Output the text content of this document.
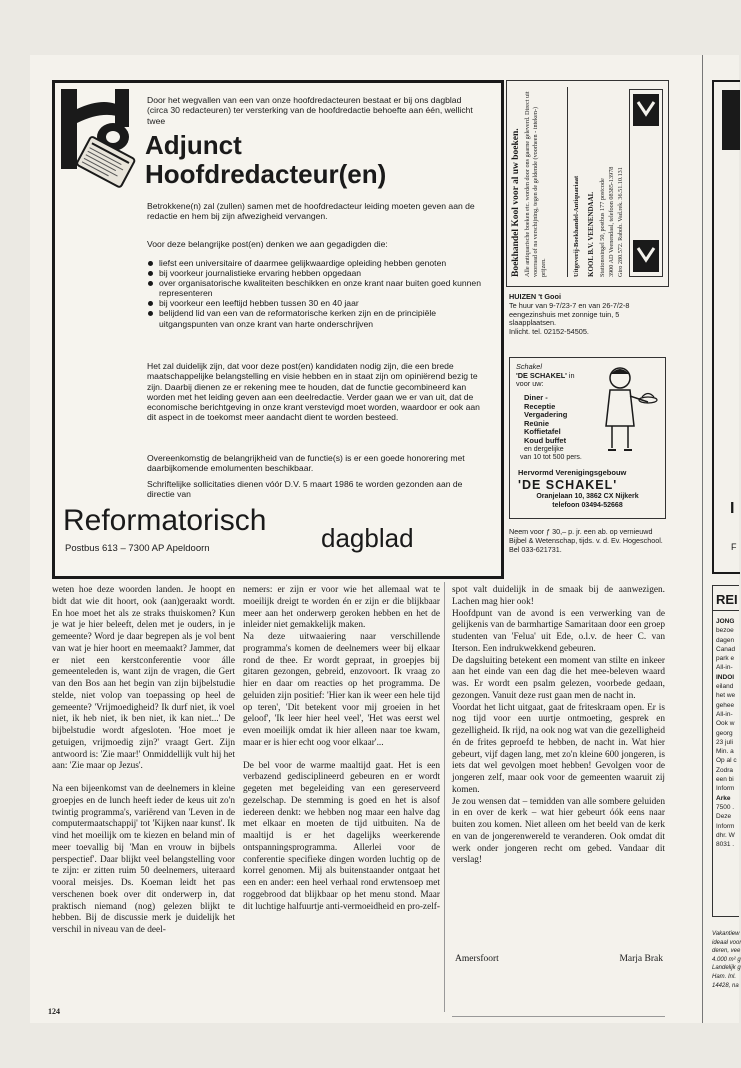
Door het wegvallen van een van onze hoofdredacteuren bestaat er bij ons dagblad (circa 30 redacteuren) ter versterking van de hoofdredactie behoefte aan één, wellicht twee
Adjunct
Hoofdredacteur(en)
Betrokkene(n) zal (zullen) samen met de hoofdredacteur leiding moeten geven aan de redactie en hem bij zijn afwezigheid vervangen.
Voor deze belangrijke post(en) denken we aan gegadigden die:
liefst een universitaire of daarmee gelijkwaardige opleiding hebben genoten
bij voorkeur journalistieke ervaring hebben opgedaan
over organisatorische kwaliteiten beschikken en onze krant naar buiten goed kunnen representeren
bij voorkeur een leeftijd hebben tussen 30 en 40 jaar
belijdend lid van een van de reformatorische kerken zijn en de principiële uitgangspunten van onze krant van harte onderschrijven
Het zal duidelijk zijn, dat voor deze post(en) kandidaten nodig zijn, die een brede maatschappelijke belangstelling en visie hebben en in staat zijn om opiniërend bezig te zijn. Daarbij dienen ze er rekening mee te houden, dat de functie gecombineerd kan worden met het leiding geven aan een deelredactie. Verder gaan we er van uit, dat de economische berichtgeving in onze krant verstevigd moet worden, waardoor er ook aan dit aspect in de toekomst meer aandacht dient te worden besteed.
Overeenkomstig de belangrijkheid van de functie(s) is er een goede honorering met daarbijkomende emolumenten beschikbaar.
Schriftelijke sollicitaties dienen vóór D.V. 5 maart 1986 te worden gezonden aan de directie van
Reformatorisch
dagblad
Postbus 613 – 7300 AP Apeldoorn
Boekhandel Kool voor al uw boeken. Alle antiquarische boeken etc. worden door ons gaarne geleverd. Direct uit voorraad of na verschijning, tegen de geldende (voorheen - inteken-) prijzen.	Uitgeverij-Boekhandel-Antiquariaat KOOL B.V. VEENENDAAL Stationssingel 50, postbus 177 postcode 3900 AD Veenendaal, telefoon 08385-13978 Giro 280.572. Rabob. Vad.rek. 36.51.10.131
HUIZEN 't Gooi
Te huur van 9-7/23-7 en van 26-7/2-8 eengezinshuis met zonnige tuin, 5 slaapplaatsen.
Inlicht. tel. 02152-54505.
Schakel
'DE SCHAKEL' in
voor uw:
Diner -
Receptie
Vergadering
Reünie
Koffietafel
Koud buffet
en dergelijke
van 10 tot 500 pers.
Hervormd Verenigingsgebouw
'DE SCHAKEL'
Oranjelaan 10, 3862 CX Nijkerk
telefoon 03494-52668
Neem voor ƒ 30,– p. jr. een ab. op vernieuwd Bijbel & Wetenschap, tijds. v. d. Ev. Hogeschool. Bel 033-621731.

weten hoe deze woorden landen. Je hoopt en bidt dat wie dit hoort, ook (aan)geraakt wordt. En hoe moet het als ze straks thuiskomen? Kun je wat je hier beleeft, delen met je ouders, in je gemeente? Word je daar begrepen als je vol bent van wat je hier hoort en meemaakt? Jammer, dat er niet een kerstconferentie voor álle gemeenteleden is, want zijn de vragen, die Gert van den Bos aan het begin van zijn bijbelstudie stelde, niet volop van toepassing op heel de gemeente? 'Vrijmoedigheid? Ik durf niet, ik voel niet, ik heb niet, ik ben niet, ik kan niet...' De bijbelstudie wordt afgesloten. 'Hoe moet je getuigen, vrijmoedig zijn?' vraagt Gert. Zijn antwoord is: 'Zie maar!' Onmiddellijk vult hij het aan: 'Zie maar op Jezus'.

Na een bijeenkomst van de deelnemers in kleine groepjes en de lunch heeft ieder de keus uit zo'n twintig programma's, variërend van 'Leven in de computermaatschappij' tot 'Kijken naar kunst'. Ik vind het moeilijk om te kiezen en beland min of meer toevallig bij 'Man en vrouw in bijbels perspectief'. Daar blijkt veel belangstelling voor te zijn: er zitten ruim 50 deelnemers, uiteraard vooral meisjes. Ds. Koeman leidt het pas verschenen boek over dit onderwerp in, dat praktisch niemand (nog) gelezen blijkt te hebben. Bij de discussie merk je duidelijk het verschil in niveau van de deel-

nemers: er zijn er voor wie het allemaal wat te moeilijk dreigt te worden én er zijn er die blijkbaar meer aan het onderwerp geroken hebben en het de inleider niet gemakkelijk maken.

Na deze uitwaaiering naar verschillende programma's komen de deelnemers weer bij elkaar rond de thee. Er wordt gepraat, in groepjes bij gitaren gezongen, gebreid, enzovoort. Ik vraag zo hier en daar om reacties op het programma. De geluiden zijn positief: 'Hier kan ik weer een hele tijd op teren', 'Dit betekent voor mij groeien in het geloof', 'Ik leer hier heel veel', 'Het was eerst wel even moeilijk omdat ik hier alleen naar toe kwam, maar er is hier echt oog voor elkaar'...

De bel voor de warme maaltijd gaat. Het is een verbazend gedisciplineerd gebeuren en er wordt gegeten met begeleiding van een gereserveerd gezelschap. De stemming is goed en het is alsof iedereen denkt: we hebben nog maar een halve dag met elkaar en moeten de tijd uitbuiten. Na de maaltijd is er het dagelijks weerkerende ontspanningsprogramma. Allerlei voor de conferentie specifieke dingen worden luchtig op de korrel genomen. Mij als buitenstaander ontgaat het een en ander: een heel verhaal rond erwtensoep met roggebrood dat blijkbaar op het menu stond. Maar dit luchtige halfuurtje anti-vermoeidheid en pro-zelf-

spot valt duidelijk in de smaak bij de aanwezigen. Lachen mag hier ook!

Hoofdpunt van de avond is een verwerking van de gelijkenis van de barmhartige Samaritaan door een groep studenten van 'Felua' uit Ede, o.l.v. de heer C. van Iterson. Een indrukwekkend gebeuren.

De dagsluiting betekent een moment van stilte en inkeer aan het einde van een dag die het mee-beleven waard was. Er wordt een psalm gelezen, voorbede gedaan, gezongen. Vanuit deze rust gaan men de nacht in.

Voordat het licht uitgaat, gaat de friteskraam open. Er is nog tijd voor een uurtje ontmoeting, gesprek en gezelligheid. Ik rijd, na ook nog wat van die gezelligheid én de frites geproefd te hebben, de nacht in. Wat hier gebeurt, vijf dagen lang, met zo'n kleine 600 jongeren, is iets dat wel gevolgen moet hebben! Gevolgen voor de jongeren zelf, maar ook voor de gemeenten waaruit zij komen.

Je zou wensen dat – temidden van alle sombere geluiden in en over de kerk – wat hier gebeurt óók eens naar buiten zou komen. Niet alleen om het beeld van de kerk en van de jongerenwereld te veranderen. Ook omdat dit werk onder jongeren recht om gebed. Vandaar dit verslag!

Amersfoort	Marja Brak
124
I
F
REI
JONG
bezoe
dagen
Canad
park e
All-in-
INDOI
eiland
het we
gehee
All-in-
Ook w
georg
23 juli
Min. a
Op al c
Zodra
een bi
Inform
Arke
7500 .
Deze
Inform
dhr. W
8031 .
Vakantiew
ideaal voor
deren, vee
4.000 m² g
Landelijk g
Ham. Inl.
14428, na
